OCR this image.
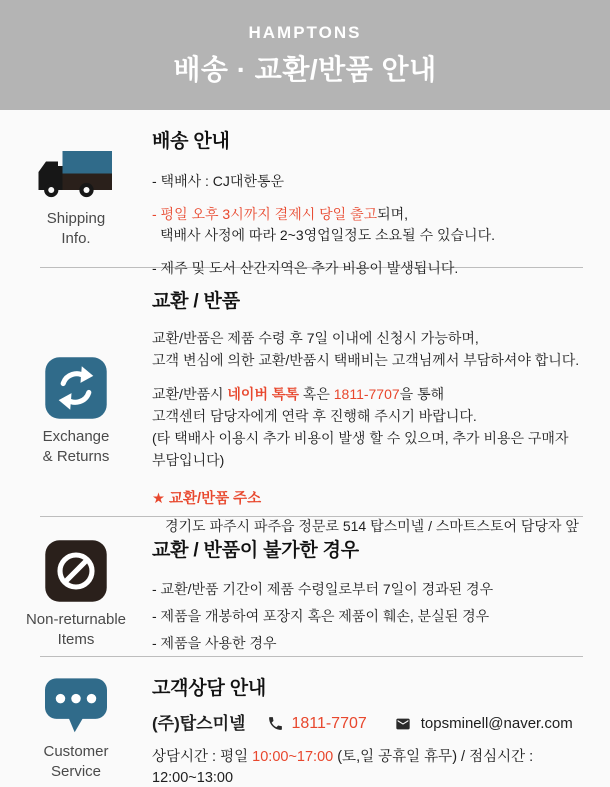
HAMPTONS
배송 · 교환/반품 안내
Shipping
Info.
배송 안내

- 택배사 : CJ대한통운

- 평일 오후 3시까지 결제시 당일 출고되며,
택배사 사정에 따라 2~3영업일정도 소요될 수 있습니다.

- 제주 및 도서 산간지역은 추가 비용이 발생됩니다.

Exchange
& Returns
교환 / 반품

교환/반품은 제품 수령 후 7일 이내에 신청시 가능하며,
고객 변심에 의한 교환/반품시 택배비는 고객님께서 부담하셔야 합니다.

교환/반품시 네이버 톡톡 혹은 1811-7707을 통해
고객센터 담당자에게 연락 후 진행해 주시기 바랍니다.
(타 택배사 이용시 추가 비용이 발생 할 수 있으며, 추가 비용은 구매자 부담입니다)

★ 교환/반품 주소

경기도 파주시 파주읍 정문로 514 탑스미넬 / 스마트스토어 담당자 앞

Non-returnable
Items
교환 / 반품이 불가한 경우

- 교환/반품 기간이 제품 수령일로부터 7일이 경과된 경우

- 제품을 개봉하여 포장지 혹은 제품이 훼손, 분실된 경우

- 제품을 사용한 경우

Customer
Service
고객상담 안내

(주)탑스미넬	1811-7707	topsminell@naver.com

상담시간 : 평일 10:00~17:00 (토,일 공휴일 휴무) / 점심시간 : 12:00~13:00
